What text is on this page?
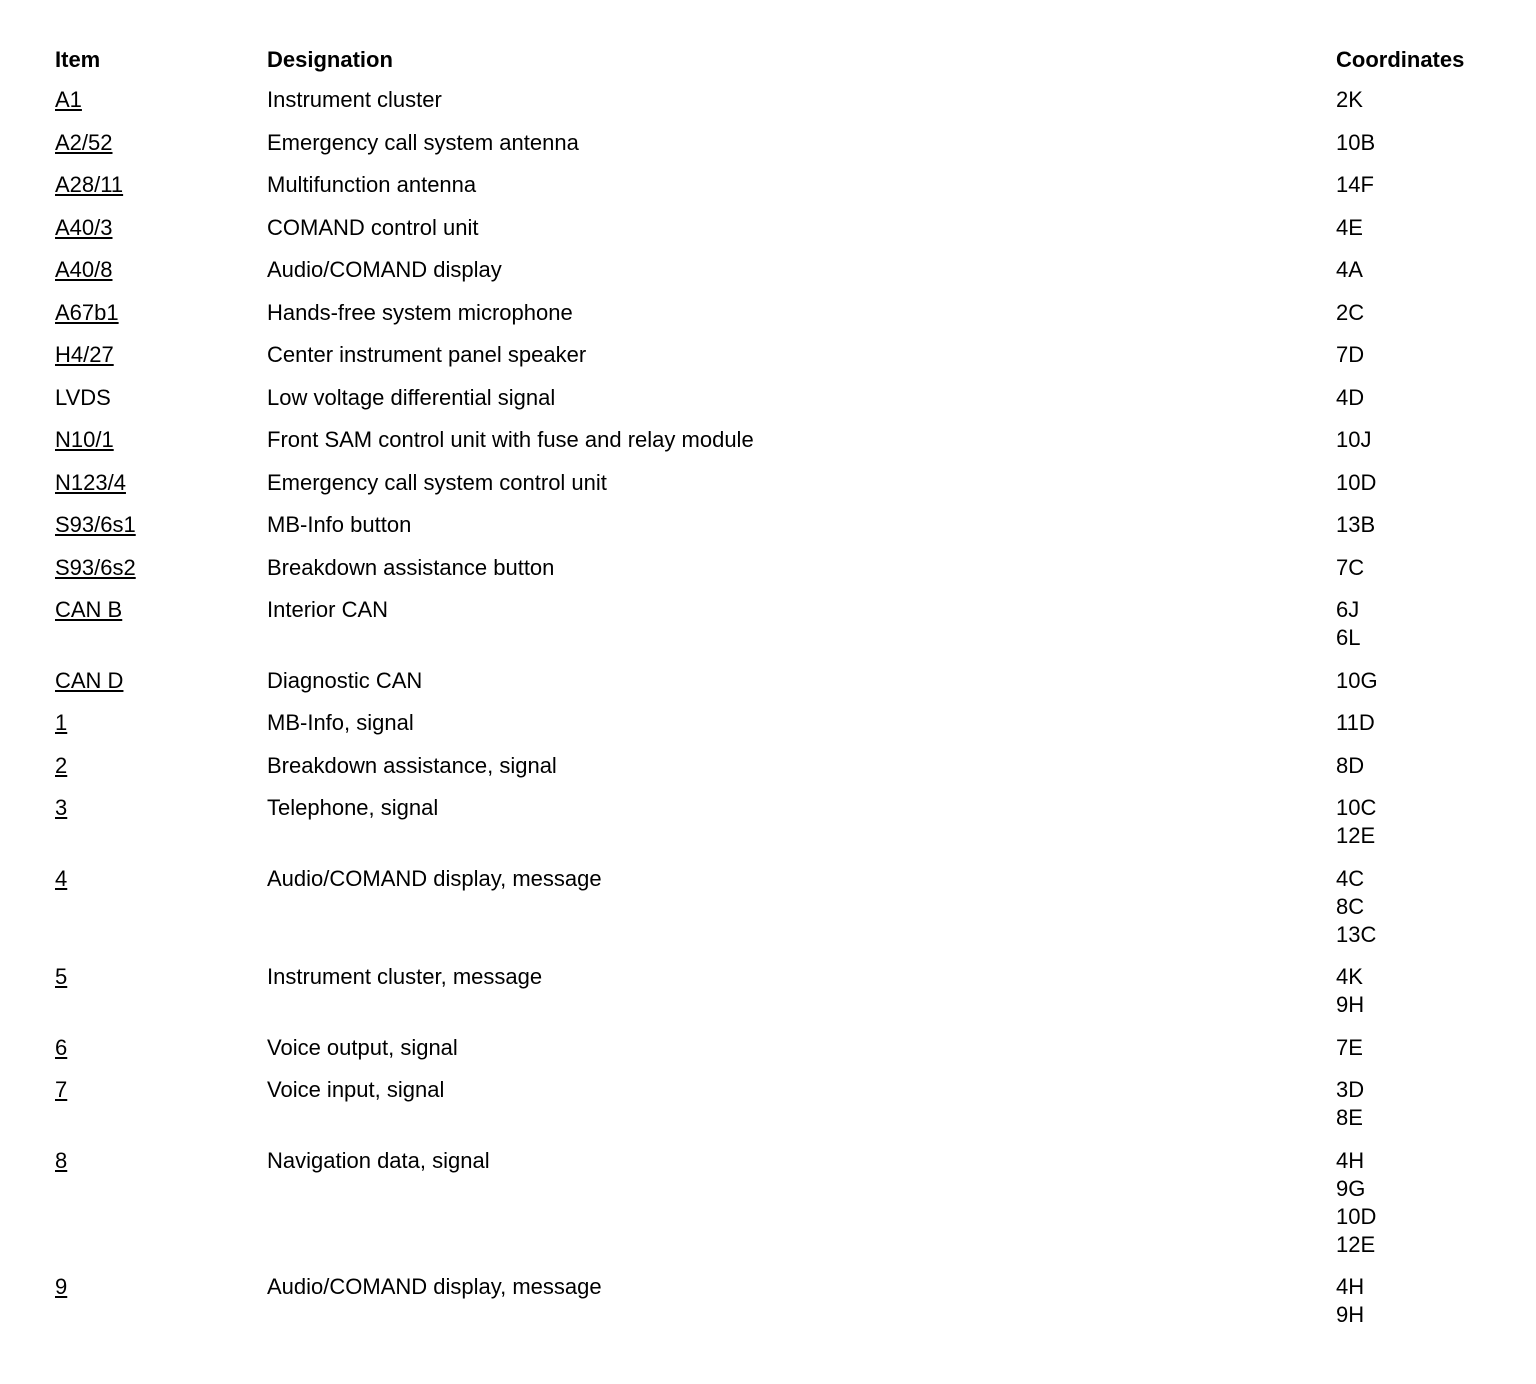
Item	Designation	Coordinates
A1	Instrument cluster	2K

A2/52	Emergency call system antenna	10B

A28/11	Multifunction antenna	14F

A40/3	COMAND control unit	4E

A40/8	Audio/COMAND display	4A

A67b1	Hands-free system microphone	2C

H4/27	Center instrument panel speaker	7D

LVDS	Low voltage differential signal	4D

N10/1	Front SAM control unit with fuse and relay module	10J

N123/4	Emergency call system control unit	10D

S93/6s1	MB-Info button	13B

S93/6s2	Breakdown assistance button	7C

CAN B	Interior CAN	6J
6L

CAN D	Diagnostic CAN	10G

1	MB-Info, signal	11D

2	Breakdown assistance, signal	8D

3	Telephone, signal	10C
12E

4	Audio/COMAND display, message	4C
8C
13C

5	Instrument cluster, message	4K
9H

6	Voice output, signal	7E

7	Voice input, signal	3D
8E

8	Navigation data, signal	4H
9G
10D
12E

9	Audio/COMAND display, message	4H
9H
